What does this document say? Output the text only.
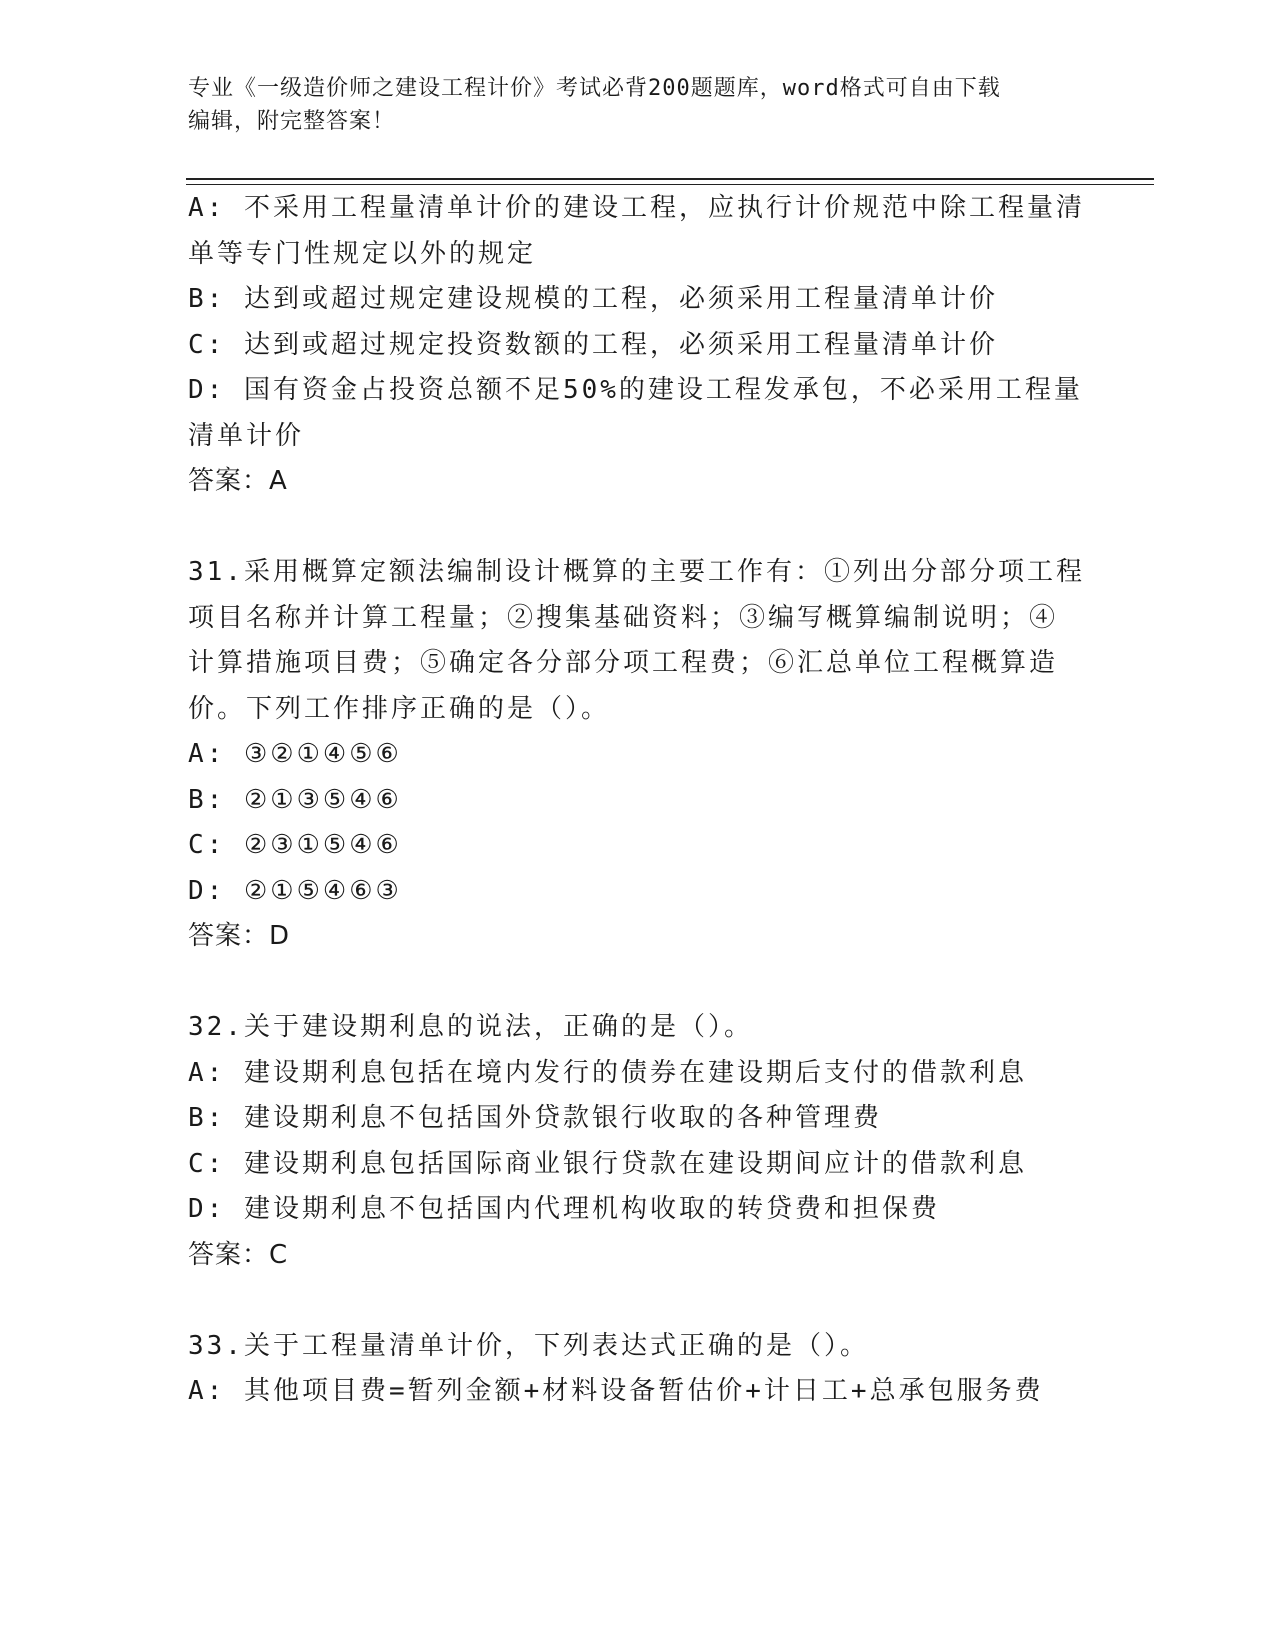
专业《一级造价师之建设工程计价》考试必背200题题库，word格式可自由下载
编辑，附完整答案！
A: 不采用工程量清单计价的建设工程，应执行计价规范中除工程量清
单等专门性规定以外的规定
B: 达到或超过规定建设规模的工程，必须采用工程量清单计价
C: 达到或超过规定投资数额的工程，必须采用工程量清单计价
D: 国有资金占投资总额不足50%的建设工程发承包，不必采用工程量
清单计价
答案：A
31.采用概算定额法编制设计概算的主要工作有：①列出分部分项工程
项目名称并计算工程量；②搜集基础资料；③编写概算编制说明；④
计算措施项目费；⑤确定各分部分项工程费；⑥汇总单位工程概算造
价。下列工作排序正确的是（）。
A: ③②①④⑤⑥
B: ②①③⑤④⑥
C: ②③①⑤④⑥
D: ②①⑤④⑥③
答案：D
32.关于建设期利息的说法，正确的是（）。
A: 建设期利息包括在境内发行的债券在建设期后支付的借款利息
B: 建设期利息不包括国外贷款银行收取的各种管理费
C: 建设期利息包括国际商业银行贷款在建设期间应计的借款利息
D: 建设期利息不包括国内代理机构收取的转贷费和担保费
答案：C
33.关于工程量清单计价，下列表达式正确的是（）。
A: 其他项目费=暂列金额+材料设备暂估价+计日工+总承包服务费
